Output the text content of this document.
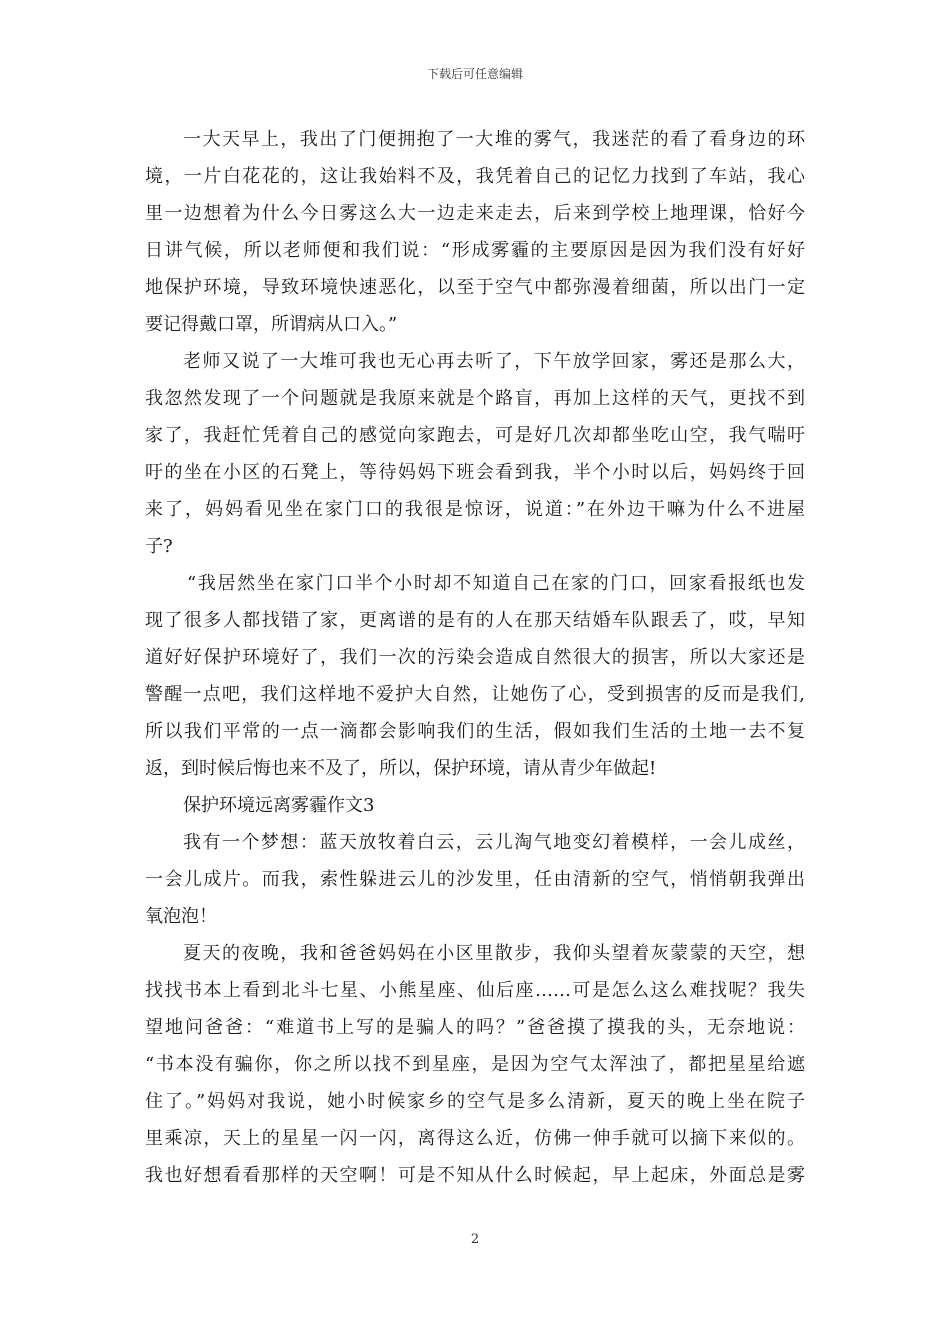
下载后可任意编辑
一大天早上，我出了门便拥抱了一大堆的雾气，我迷茫的看了看身边的环
境，一片白花花的，这让我始料不及，我凭着自己的记忆力找到了车站，我心
里一边想着为什么今日雾这么大一边走来走去，后来到学校上地理课，恰好今
日讲气候，所以老师便和我们说：“形成雾霾的主要原因是因为我们没有好好
地保护环境，导致环境快速恶化，以至于空气中都弥漫着细菌，所以出门一定
要记得戴口罩，所谓病从口入。”
老师又说了一大堆可我也无心再去听了，下午放学回家，雾还是那么大，
我忽然发现了一个问题就是我原来就是个路盲，再加上这样的天气，更找不到
家了，我赶忙凭着自己的感觉向家跑去，可是好几次却都坐吃山空，我气喘吁
吁的坐在小区的石凳上，等待妈妈下班会看到我，半个小时以后，妈妈终于回
来了，妈妈看见坐在家门口的我很是惊讶，说道：”在外边干嘛为什么不进屋
子?
“我居然坐在家门口半个小时却不知道自己在家的门口，回家看报纸也发
现了很多人都找错了家，更离谱的是有的人在那天结婚车队跟丢了，哎，早知
道好好保护环境好了，我们一次的污染会造成自然很大的损害，所以大家还是
警醒一点吧，我们这样地不爱护大自然，让她伤了心，受到损害的反而是我们,
所以我们平常的一点一滴都会影响我们的生活，假如我们生活的土地一去不复
返，到时候后悔也来不及了，所以，保护环境，请从青少年做起!
保护环境远离雾霾作文3
我有一个梦想：蓝天放牧着白云，云儿淘气地变幻着模样，一会儿成丝，
一会儿成片。而我，索性躲进云儿的沙发里，任由清新的空气，悄悄朝我弹出
氧泡泡！
夏天的夜晚，我和爸爸妈妈在小区里散步，我仰头望着灰蒙蒙的天空，想
找找书本上看到北斗七星、小熊星座、仙后座……可是怎么这么难找呢？我失
望地问爸爸：“难道书上写的是骗人的吗？”爸爸摸了摸我的头，无奈地说：
“书本没有骗你，你之所以找不到星座，是因为空气太浑浊了，都把星星给遮
住了。”妈妈对我说，她小时候家乡的空气是多么清新，夏天的晚上坐在院子
里乘凉，天上的星星一闪一闪，离得这么近，仿佛一伸手就可以摘下来似的。
我也好想看看那样的天空啊！可是不知从什么时候起，早上起床，外面总是雾
2
